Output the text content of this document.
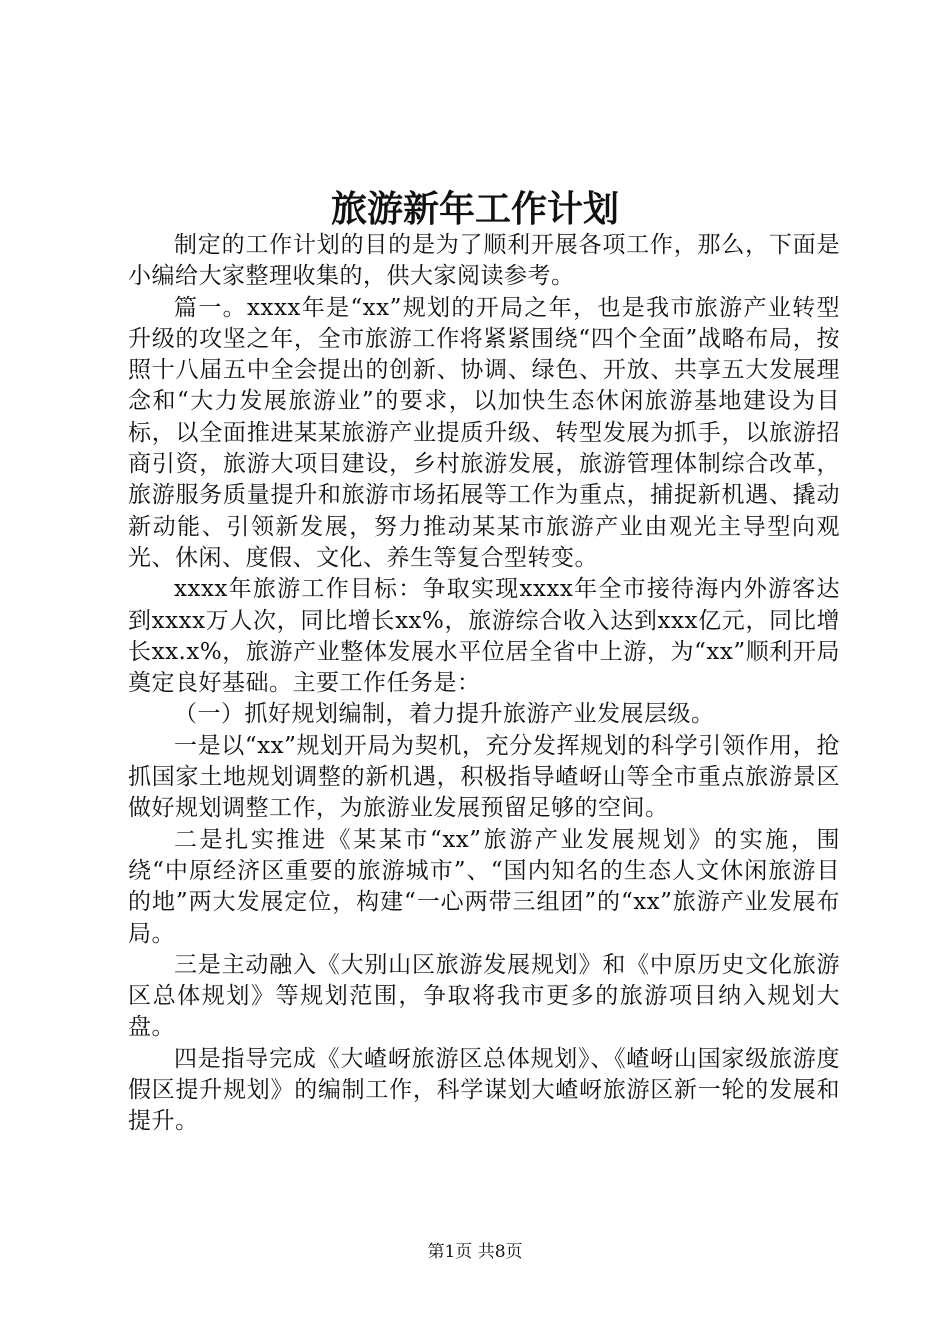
旅游新年工作计划

制定的工作计划的目的是为了顺利开展各项工作，那么，下面是小编给大家整理收集的，供大家阅读参考。

篇一。xxxx年是“xx”规划的开局之年，也是我市旅游产业转型升级的攻坚之年，全市旅游工作将紧紧围绕“四个全面”战略布局，按照十八届五中全会提出的创新、协调、绿色、开放、共享五大发展理念和“大力发展旅游业”的要求，以加快生态休闲旅游基地建设为目标，以全面推进某某旅游产业提质升级、转型发展为抓手，以旅游招商引资，旅游大项目建设，乡村旅游发展，旅游管理体制综合改革，旅游服务质量提升和旅游市场拓展等工作为重点，捕捉新机遇、撬动新动能、引领新发展，努力推动某某市旅游产业由观光主导型向观光、休闲、度假、文化、养生等复合型转变。

xxxx年旅游工作目标：争取实现xxxx年全市接待海内外游客达到xxxx万人次，同比增长xx%，旅游综合收入达到xxx亿元，同比增长xx.x%，旅游产业整体发展水平位居全省中上游，为“xx”顺利开局奠定良好基础。主要工作任务是：

（一）抓好规划编制，着力提升旅游产业发展层级。

一是以“xx”规划开局为契机，充分发挥规划的科学引领作用，抢抓国家土地规划调整的新机遇，积极指导嵖岈山等全市重点旅游景区做好规划调整工作，为旅游业发展预留足够的空间。

二是扎实推进《某某市“xx”旅游产业发展规划》的实施，围绕“中原经济区重要的旅游城市”、“国内知名的生态人文休闲旅游目的地”两大发展定位，构建“一心两带三组团”的“xx”旅游产业发展布局。

三是主动融入《大别山区旅游发展规划》和《中原历史文化旅游区总体规划》等规划范围，争取将我市更多的旅游项目纳入规划大盘。

四是指导完成《大嵖岈旅游区总体规划》、《嵖岈山国家级旅游度假区提升规划》的编制工作，科学谋划大嵖岈旅游区新一轮的发展和提升。

第1页 共8页
